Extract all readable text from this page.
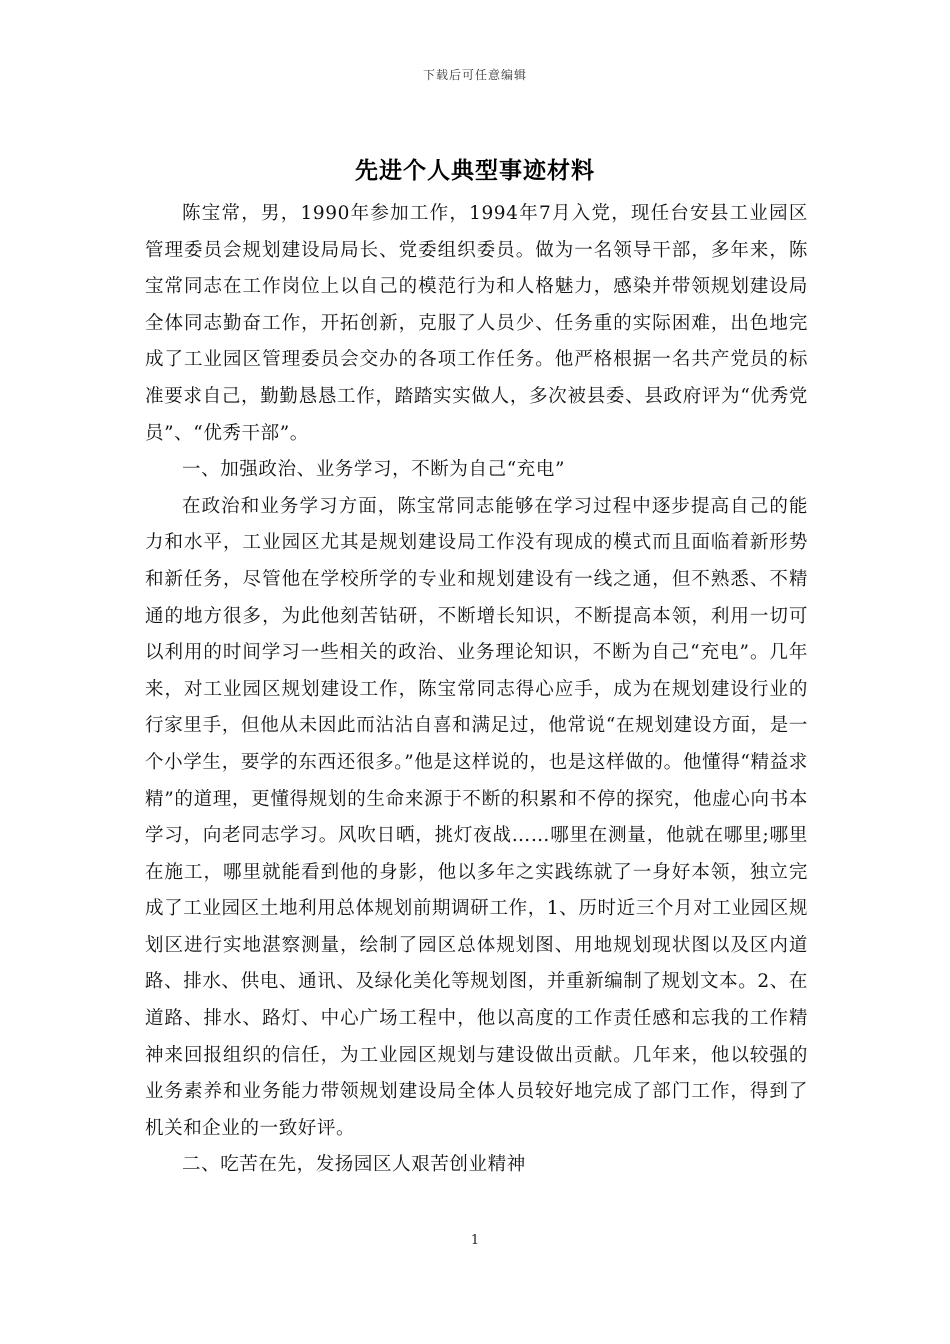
下载后可任意编辑
先进个人典型事迹材料

陈宝常，男，1990年参加工作，1994年7月入党，现任台安县工业园区管理委员会规划建设局局长、党委组织委员。做为一名领导干部，多年来，陈宝常同志在工作岗位上以自己的模范行为和人格魅力，感染并带领规划建设局全体同志勤奋工作，开拓创新，克服了人员少、任务重的实际困难，出色地完成了工业园区管理委员会交办的各项工作任务。他严格根据一名共产党员的标准要求自己，勤勤恳恳工作，踏踏实实做人，多次被县委、县政府评为“优秀党员”、“优秀干部”。

一、加强政治、业务学习，不断为自己“充电”

在政治和业务学习方面，陈宝常同志能够在学习过程中逐步提高自己的能力和水平，工业园区尤其是规划建设局工作没有现成的模式而且面临着新形势和新任务，尽管他在学校所学的专业和规划建设有一线之通，但不熟悉、不精通的地方很多，为此他刻苦钻研，不断增长知识，不断提高本领，利用一切可以利用的时间学习一些相关的政治、业务理论知识，不断为自己“充电”。几年来，对工业园区规划建设工作，陈宝常同志得心应手，成为在规划建设行业的行家里手，但他从未因此而沾沾自喜和满足过，他常说“在规划建设方面，是一个小学生，要学的东西还很多。”他是这样说的，也是这样做的。他懂得“精益求精”的道理，更懂得规划的生命来源于不断的积累和不停的探究，他虚心向书本学习，向老同志学习。风吹日晒，挑灯夜战……哪里在测量，他就在哪里;哪里在施工，哪里就能看到他的身影，他以多年之实践练就了一身好本领，独立完成了工业园区土地利用总体规划前期调研工作，1、历时近三个月对工业园区规划区进行实地湛察测量，绘制了园区总体规划图、用地规划现状图以及区内道路、排水、供电、通讯、及绿化美化等规划图，并重新编制了规划文本。2、在道路、排水、路灯、中心广场工程中，他以高度的工作责任感和忘我的工作精神来回报组织的信任，为工业园区规划与建设做出贡献。几年来，他以较强的业务素养和业务能力带领规划建设局全体人员较好地完成了部门工作，得到了机关和企业的一致好评。

二、吃苦在先，发扬园区人艰苦创业精神

1
